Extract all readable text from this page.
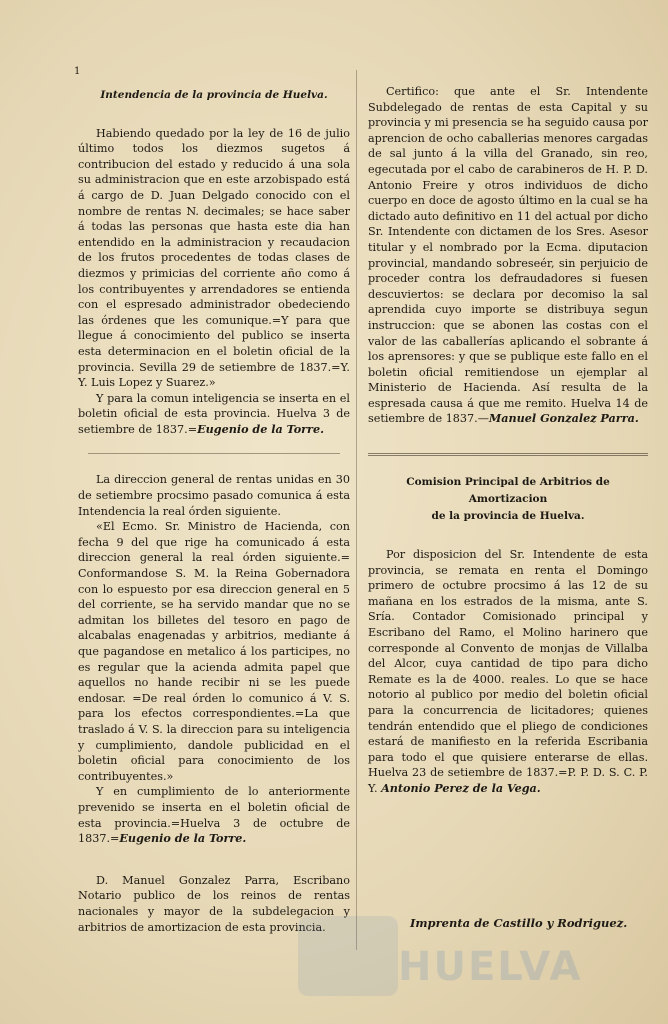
1
Intendencia de la provincia de Huelva.

Habiendo quedado por la ley de 16 de julio último todos los diezmos sugetos á contribucion del estado y reducido á una sola su administracion que en este arzobispado está á cargo de D. Juan Delgado conocido con el nombre de rentas N. decimales; se hace saber á todas las personas que hasta este dia han entendido en la administracion y recaudacion de los frutos procedentes de todas clases de diezmos y primicias del corriente año como á los contribuyentes y arrendadores se entienda con el espresado administrador obedeciendo las órdenes que les comunique.=Y para que llegue á conocimiento del publico se inserta esta determinacion en el boletin oficial de la provincia. Sevilla 29 de setiembre de 1837.=Y. Y. Luis Lopez y Suarez.»

Y para la comun inteligencia se inserta en el boletin oficial de esta provincia. Huelva 3 de setiembre de 1837.=Eugenio de la Torre.

La direccion general de rentas unidas en 30 de setiembre procsimo pasado comunica á esta Intendencia la real órden siguiente.

«El Ecmo. Sr. Ministro de Hacienda, con fecha 9 del que rige ha comunicado á esta direccion general la real órden siguiente.= Conformandose S. M. la Reina Gobernadora con lo espuesto por esa direccion general en 5 del corriente, se ha servido mandar que no se admitan los billetes del tesoro en pago de alcabalas enagenadas y arbitrios, mediante á que pagandose en metalico á los participes, no es regular que la acienda admita papel que aquellos no hande recibir ni se les puede endosar. =De real órden lo comunico á V. S. para los efectos correspondientes.=La que traslado á V. S. la direccion para su inteligencia y cumplimiento, dandole publicidad en el boletin oficial para conocimiento de los contribuyentes.»

Y en cumplimiento de lo anteriormente prevenido se inserta en el boletin oficial de esta provincia.=Huelva 3 de octubre de 1837.=Eugenio de la Torre.

D. Manuel Gonzalez Parra, Escribano Notario publico de los reinos de rentas nacionales y mayor de la subdelegacion y arbitrios de amortizacion de esta provincia.

Certifico: que ante el Sr. Intendente Subdelegado de rentas de esta Capital y su provincia y mi presencia se ha seguido causa por aprencion de ocho caballerias menores cargadas de sal junto á la villa del Granado, sin reo, egecutada por el cabo de carabineros de H. P. D. Antonio Freire y otros individuos de dicho cuerpo en doce de agosto último en la cual se ha dictado auto definitivo en 11 del actual por dicho Sr. Intendente con dictamen de los Sres. Asesor titular y el nombrado por la Ecma. diputacion provincial, mandando sobreseér, sin perjuicio de proceder contra los defraudadores si fuesen descuviertos: se declara por decomiso la sal aprendida cuyo importe se distribuya segun instruccion: que se abonen las costas con el valor de las caballerías aplicando el sobrante á los aprensores: y que se publique este fallo en el boletin oficial remitiendose un ejemplar al Ministerio de Hacienda. Así resulta de la espresada causa á que me remito. Huelva 14 de setiembre de 1837.—Manuel Gonzalez Parra.

Comision Principal de Arbitrios de Amortizacion
de la provincia de Huelva.

Por disposicion del Sr. Intendente de esta provincia, se remata en renta el Domingo primero de octubre procsimo á las 12 de su mañana en los estrados de la misma, ante S. Sría. Contador Comisionado principal y Escribano del Ramo, el Molino harinero que corresponde al Convento de monjas de Villalba del Alcor, cuya cantidad de tipo para dicho Remate es la de 4000. reales. Lo que se hace notorio al publico por medio del boletin oficial para la concurrencia de licitadores; quienes tendrán entendido que el pliego de condiciones estará de manifiesto en la referida Escribania para todo el que quisiere enterarse de ellas. Huelva 23 de setiembre de 1837.=P. P. D. S. C. P. Y. Antonio Perez de la Vega.

HUELVA
Imprenta de Castillo y Rodriguez.
